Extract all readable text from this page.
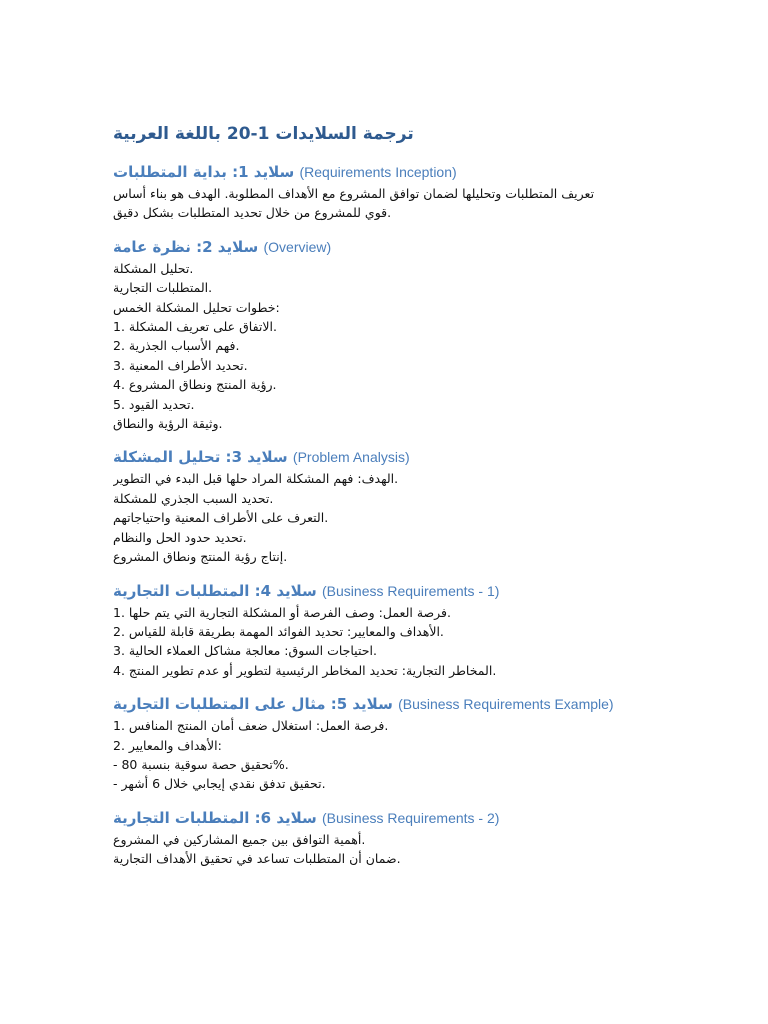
ترجمة السلايدات 1-20 باللغة العربية
سلايد 1: بداية المتطلبات (Requirements Inception)
تعريف المتطلبات وتحليلها لضمان توافق المشروع مع الأهداف المطلوبة. الهدف هو بناء أساس
قوي للمشروع من خلال تحديد المتطلبات بشكل دقيق.
سلايد 2: نظرة عامة (Overview)
تحليل المشكلة.
المتطلبات التجارية.
خطوات تحليل المشكلة الخمس:
1. الاتفاق على تعريف المشكلة.
2. فهم الأسباب الجذرية.
3. تحديد الأطراف المعنية.
4. رؤية المنتج ونطاق المشروع.
5. تحديد القيود.
وثيقة الرؤية والنطاق.
سلايد 3: تحليل المشكلة (Problem Analysis)
الهدف: فهم المشكلة المراد حلها قبل البدء في التطوير.
تحديد السبب الجذري للمشكلة.
التعرف على الأطراف المعنية واحتياجاتهم.
تحديد حدود الحل والنظام.
إنتاج رؤية المنتج ونطاق المشروع.
سلايد 4: المتطلبات التجارية (Business Requirements - 1)
1. فرصة العمل: وصف الفرصة أو المشكلة التجارية التي يتم حلها.
2. الأهداف والمعايير: تحديد الفوائد المهمة بطريقة قابلة للقياس.
3. احتياجات السوق: معالجة مشاكل العملاء الحالية.
4. المخاطر التجارية: تحديد المخاطر الرئيسية لتطوير أو عدم تطوير المنتج.
سلايد 5: مثال على المتطلبات التجارية (Business Requirements Example)
1. فرصة العمل: استغلال ضعف أمان المنتج المنافس.
2. الأهداف والمعايير:
- تحقيق حصة سوقية بنسبة 80%.
- تحقيق تدفق نقدي إيجابي خلال 6 أشهر.
سلايد 6: المتطلبات التجارية (Business Requirements - 2)
أهمية التوافق بين جميع المشاركين في المشروع.
ضمان أن المتطلبات تساعد في تحقيق الأهداف التجارية.
